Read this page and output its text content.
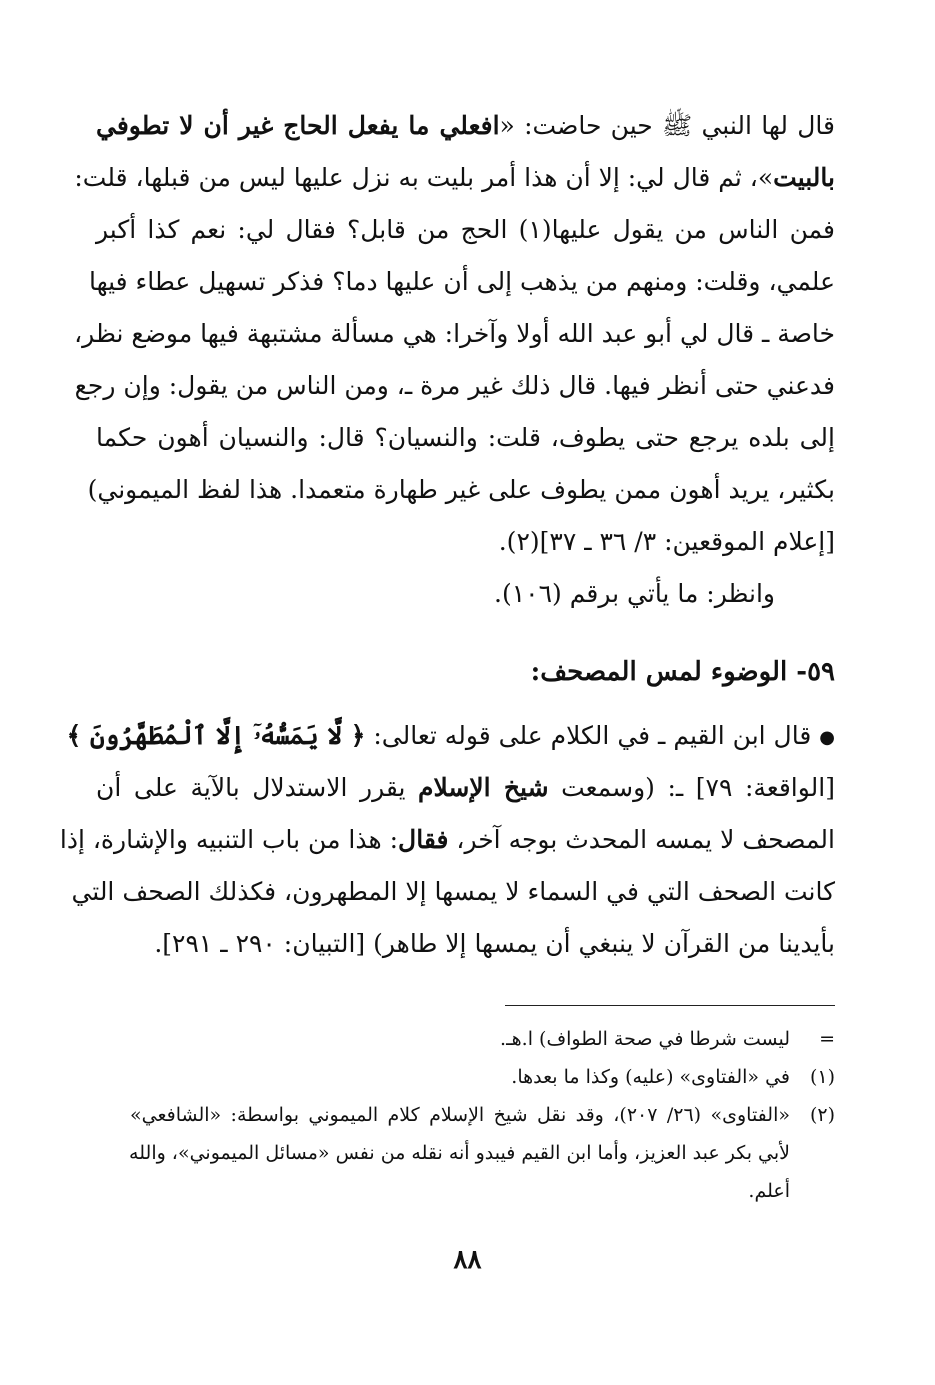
قال لها النبي ﷺ حين حاضت: «افعلي ما يفعل الحاج غير أن لا تطوفي
بالبيت»، ثم قال لي: إلا أن هذا أمر بليت به نزل عليها ليس من قبلها، قلت:
فمن الناس من يقول عليها(١) الحج من قابل؟ فقال لي: نعم كذا أكبر
علمي، وقلت: ومنهم من يذهب إلى أن عليها دما؟ فذكر تسهيل عطاء فيها
خاصة ـ قال لي أبو عبد الله أولا وآخرا: هي مسألة مشتبهة فيها موضع نظر،
فدعني حتى أنظر فيها. قال ذلك غير مرة ـ، ومن الناس من يقول: وإن رجع
إلى بلده يرجع حتى يطوف، قلت: والنسيان؟ قال: والنسيان أهون حكما
بكثير، يريد أهون ممن يطوف على غير طهارة متعمدا. هذا لفظ الميموني)
[إعلام الموقعين: ٣/ ٣٦ ـ ٣٧](٢).
وانظر: ما يأتي برقم (١٠٦).
٥٩- الوضوء لمس المصحف:
●قال ابن القيم ـ في الكلام على قوله تعالى: ﴿ لَّا يَمَسُّهُۥٓ إِلَّا ٱلْمُطَهَّرُونَ ﴾
[الواقعة: ٧٩] ـ: (وسمعت شيخ الإسلام يقرر الاستدلال بالآية على أن
المصحف لا يمسه المحدث بوجه آخر، فقال: هذا من باب التنبيه والإشارة، إذا
كانت الصحف التي في السماء لا يمسها إلا المطهرون، فكذلك الصحف التي
بأيدينا من القرآن لا ينبغي أن يمسها إلا طاهر) [التبيان: ٢٩٠ ـ ٢٩١].
=
ليست شرطا في صحة الطواف) ا.هـ.
(١)
في «الفتاوى» (عليه) وكذا ما بعدها.
(٢)
«الفتاوى» (٢٦/ ٢٠٧)، وقد نقل شيخ الإسلام كلام الميموني بواسطة: «الشافعي»
لأبي بكر عبد العزيز، وأما ابن القيم فيبدو أنه نقله من نفس «مسائل الميموني»، والله
أعلم.
٨٨
